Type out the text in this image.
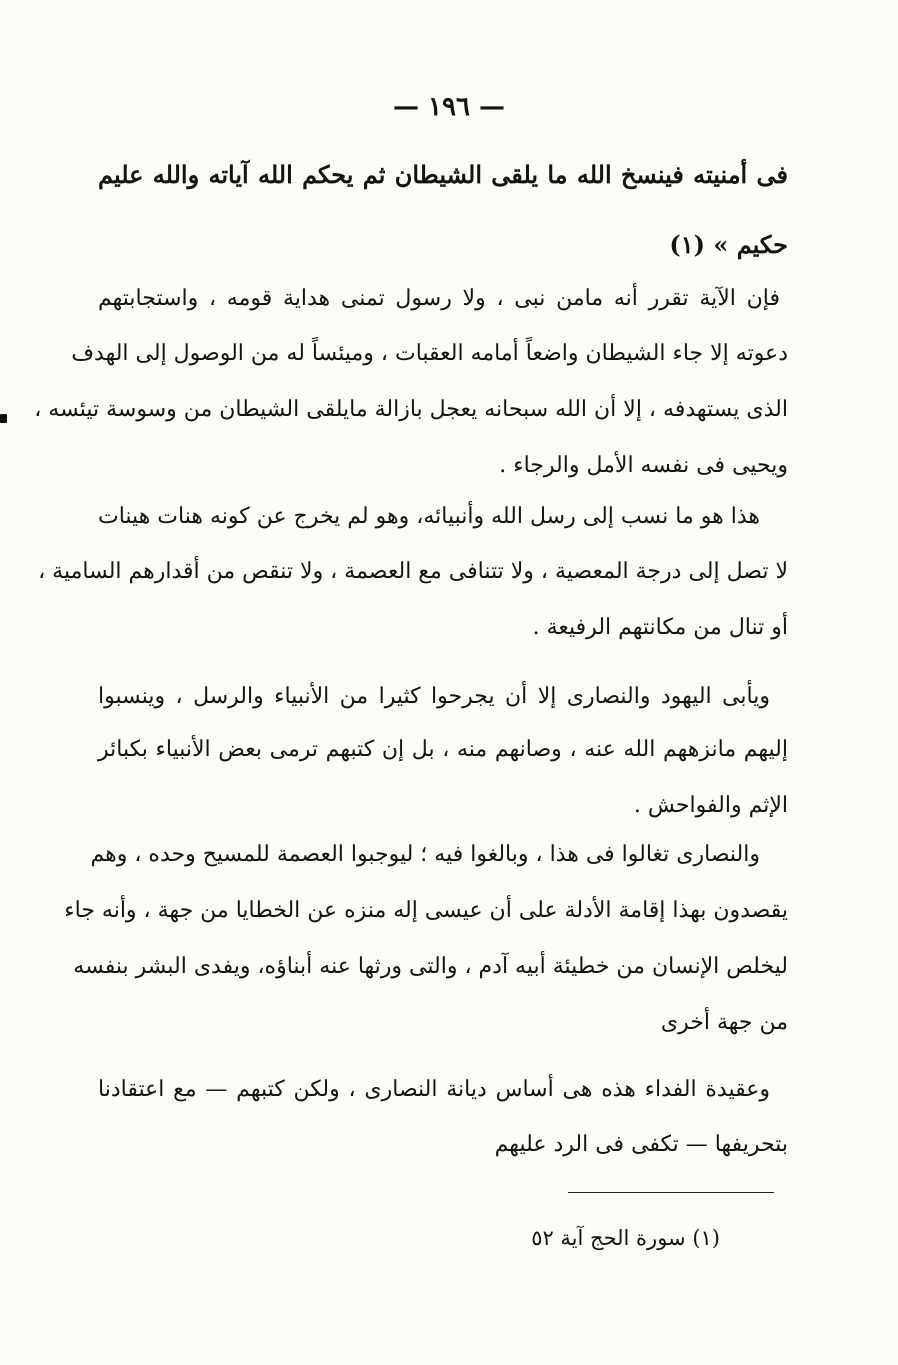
— ١٩٦ —
فى أمنيته فينسخ الله ما يلقى الشيطان ثم يحكم الله آياته والله عليم
حكيم » (١)
فإن الآية تقرر أنه مامن نبى ، ولا رسول تمنى هداية قومه ، واستجابتهم
دعوته إلا جاء الشيطان واضعاً أمامه العقبات ، وميئساً له من الوصول إلى الهدف
الذى يستهدفه ، إلا أن الله سبحانه يعجل بازالة مايلقى الشيطان من وسوسة تيئسه ،
ويحيى فى نفسه الأمل والرجاء .
هذا هو ما نسب إلى رسل الله وأنبيائه، وهو لم يخرج عن كونه هنات هينات
لا تصل إلى درجة المعصية ، ولا تتنافى مع العصمة ، ولا تنقص من أقدارهم السامية ،
أو تنال من مكانتهم الرفيعة .
ويأبى اليهود والنصارى إلا أن يجرحوا كثيرا من الأنبياء والرسل ، وينسبوا
إليهم مانزههم الله عنه ، وصانهم منه ، بل إن كتبهم ترمى بعض الأنبياء بكبائر
الإثم والفواحش .
والنصارى تغالوا فى هذا ، وبالغوا فيه ؛ ليوجبوا العصمة للمسيح وحده ، وهم
يقصدون بهذا إقامة الأدلة على أن عيسى إله منزه عن الخطايا من جهة ، وأنه جاء
ليخلص الإنسان من خطيئة أبيه آدم ، والتى ورثها عنه أبناؤه، ويفدى البشر بنفسه
من جهة أخرى
وعقيدة الفداء هذه هى أساس ديانة النصارى ، ولكن كتبهم — مع اعتقادنا
بتحريفها — تكفى فى الرد عليهم
(١) سورة الحج آية ٥٢
